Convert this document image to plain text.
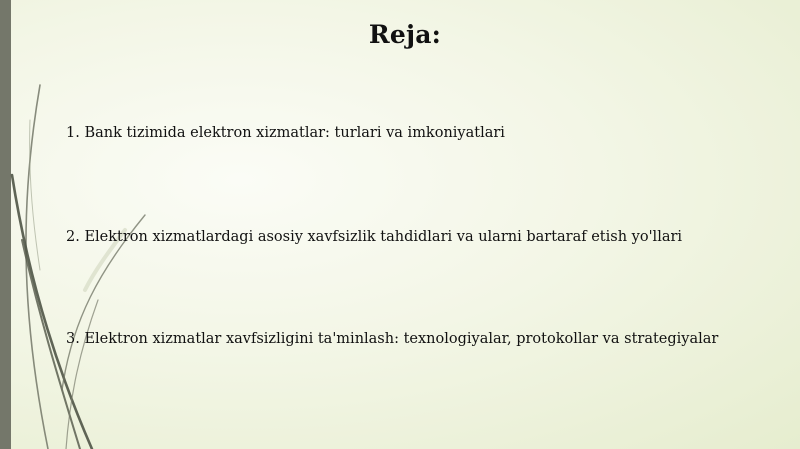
Reja:

1. Bank tizimida elektron xizmatlar: turlari va imkoniyatlari

2. Elektron xizmatlardagi asosiy xavfsizlik tahdidlari va ularni bartaraf etish yo'llari

3. Elektron xizmatlar xavfsizligini ta'minlash: texnologiyalar, protokollar va strategiyalar
